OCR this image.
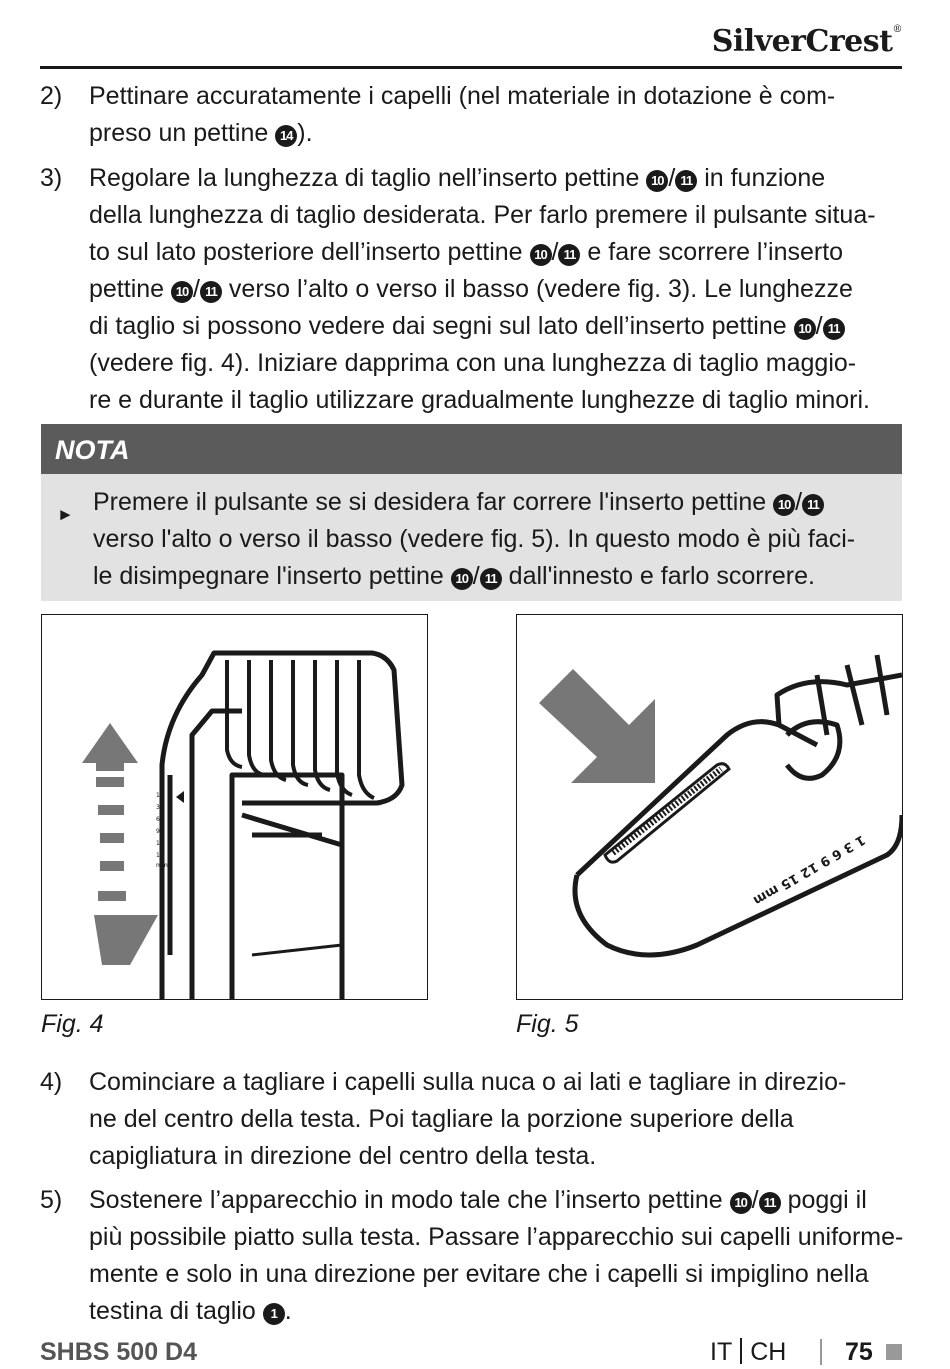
SilverCrest®
2)	Pettinare accuratamente i capelli (nel materiale in dotazione è com-
preso un pettine 14 ).
3)	Regolare la lunghezza di taglio nell’inserto pettine 10 / 11 in funzione
della lunghezza di taglio desiderata. Per farlo premere il pulsante situa-
to sul lato posteriore dell’inserto pettine 10 / 11 e fare scorrere l’inserto
pettine 10 / 11 verso l’alto o verso il basso (vedere fig. 3). Le lunghezze
di taglio si possono vedere dai segni sul lato dell’inserto pettine 10 / 11
(vedere fig. 4). Iniziare dapprima con una lunghezza di taglio maggio-
re e durante il taglio utilizzare gradualmente lunghezze di taglio minori.
NOTA
► Premere il pulsante se si desidera far correre l'inserto pettine 10 / 11
verso l'alto o verso il basso (vedere fig. 5). In questo modo è più faci-
le disimpegnare l'inserto pettine 10 / 11 dall'innesto e farlo scorrere.
1
3
6
9
12
15
mm	1 3 6 9 12 15 mm
Fig. 4	Fig. 5
4)	Cominciare a tagliare i capelli sulla nuca o ai lati e tagliare in direzio-
ne del centro della testa. Poi tagliare la porzione superiore della
capigliatura in direzione del centro della testa.
5)	Sostenere l’apparecchio in modo tale che l’inserto pettine 10 / 11 poggi il
più possibile piatto sulla testa. Passare l’apparecchio sui capelli uniforme-
mente e solo in una direzione per evitare che i capelli si impiglino nella
testina di taglio 1 .
SHBS 500 D4	IT CH 75
